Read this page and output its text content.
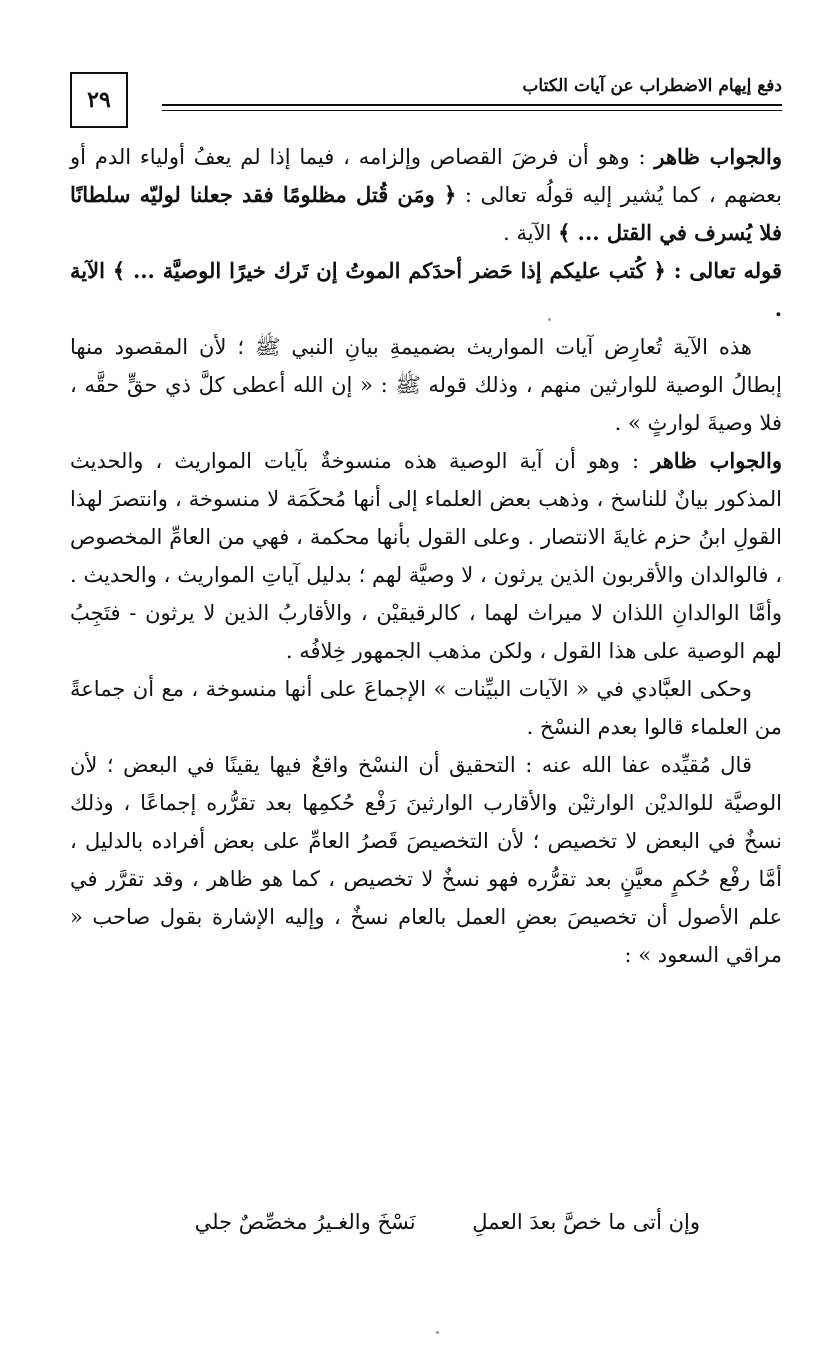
٢٩
دفع إيهام الاضطراب عن آيات الكتاب

والجواب ظاهر : وهو أن فرضَ القصاص وإلزامه ، فيما إذا لم يعفُ أولياء الدم أو بعضهم ، كما يُشير إليه قولُه تعالى : ﴿ ومَن قُتل مظلومًا فقد جعلنا لوليّه سلطانًا فلا يُسرف في القتل ... ﴾ الآية .

قوله تعالى : ﴿ كُتب عليكم إذا حَضر أحدَكم الموتُ إن تَرك خيرًا الوصيَّة ... ﴾ الآية .

هذه الآية تُعارِض آيات المواريث بضميمةِ بيانِ النبي ﷺ ؛ لأن المقصود منها إبطالُ الوصية للوارثين منهم ، وذلك قوله ﷺ : « إن الله أعطى كلَّ ذي حقٍّ حقَّه ، فلا وصيةَ لوارثٍ » .

والجواب ظاهر : وهو أن آية الوصية هذه منسوخةٌ بآيات المواريث ، والحديث المذكور بيانٌ للناسخ ، وذهب بعض العلماء إلى أنها مُحكَمَة لا منسوخة ، وانتصرَ لهذا القولِ ابنُ حزم غايةَ الانتصار . وعلى القول بأنها محكمة ، فهي من العامِّ المخصوص ، فالوالدان والأقربون الذين يرثون ، لا وصيَّة لهم ؛ بدليل آياتِ المواريث ، والحديث . وأمَّا الوالدانِ اللذان لا ميراث لهما ، كالرقيقيْن ، والأقاربُ الذين لا يرثون - فتَجِبُ لهم الوصية على هذا القول ، ولكن مذهب الجمهور خِلافُه .

وحكى العبَّادي في « الآيات البيِّنات » الإجماعَ على أنها منسوخة ، مع أن جماعةً من العلماء قالوا بعدم النسْخ .

قال مُقيِّده عفا الله عنه : التحقيق أن النسْخ واقعٌ فيها يقينًا في البعض ؛ لأن الوصيَّة للوالديْن الوارثيْن والأقارب الوارثينَ رَفْع حُكمِها بعد تقرُّره إجماعًا ، وذلك نسخٌ في البعض لا تخصيص ؛ لأن التخصيصَ قَصرُ العامِّ على بعض أفراده بالدليل ، أمَّا رفْع حُكمٍ معيَّنٍ بعد تقرُّره فهو نسخٌ لا تخصيص ، كما هو ظاهر ، وقد تقرَّر في علم الأصول أن تخصيصَ بعضِ العمل بالعام نسخٌ ، وإليه الإشارة بقول صاحب « مراقي السعود » :

وإن أتى ما خصَّ بعدَ العملِ نَسْخَ والغـيرُ مخصِّصٌ جلي
